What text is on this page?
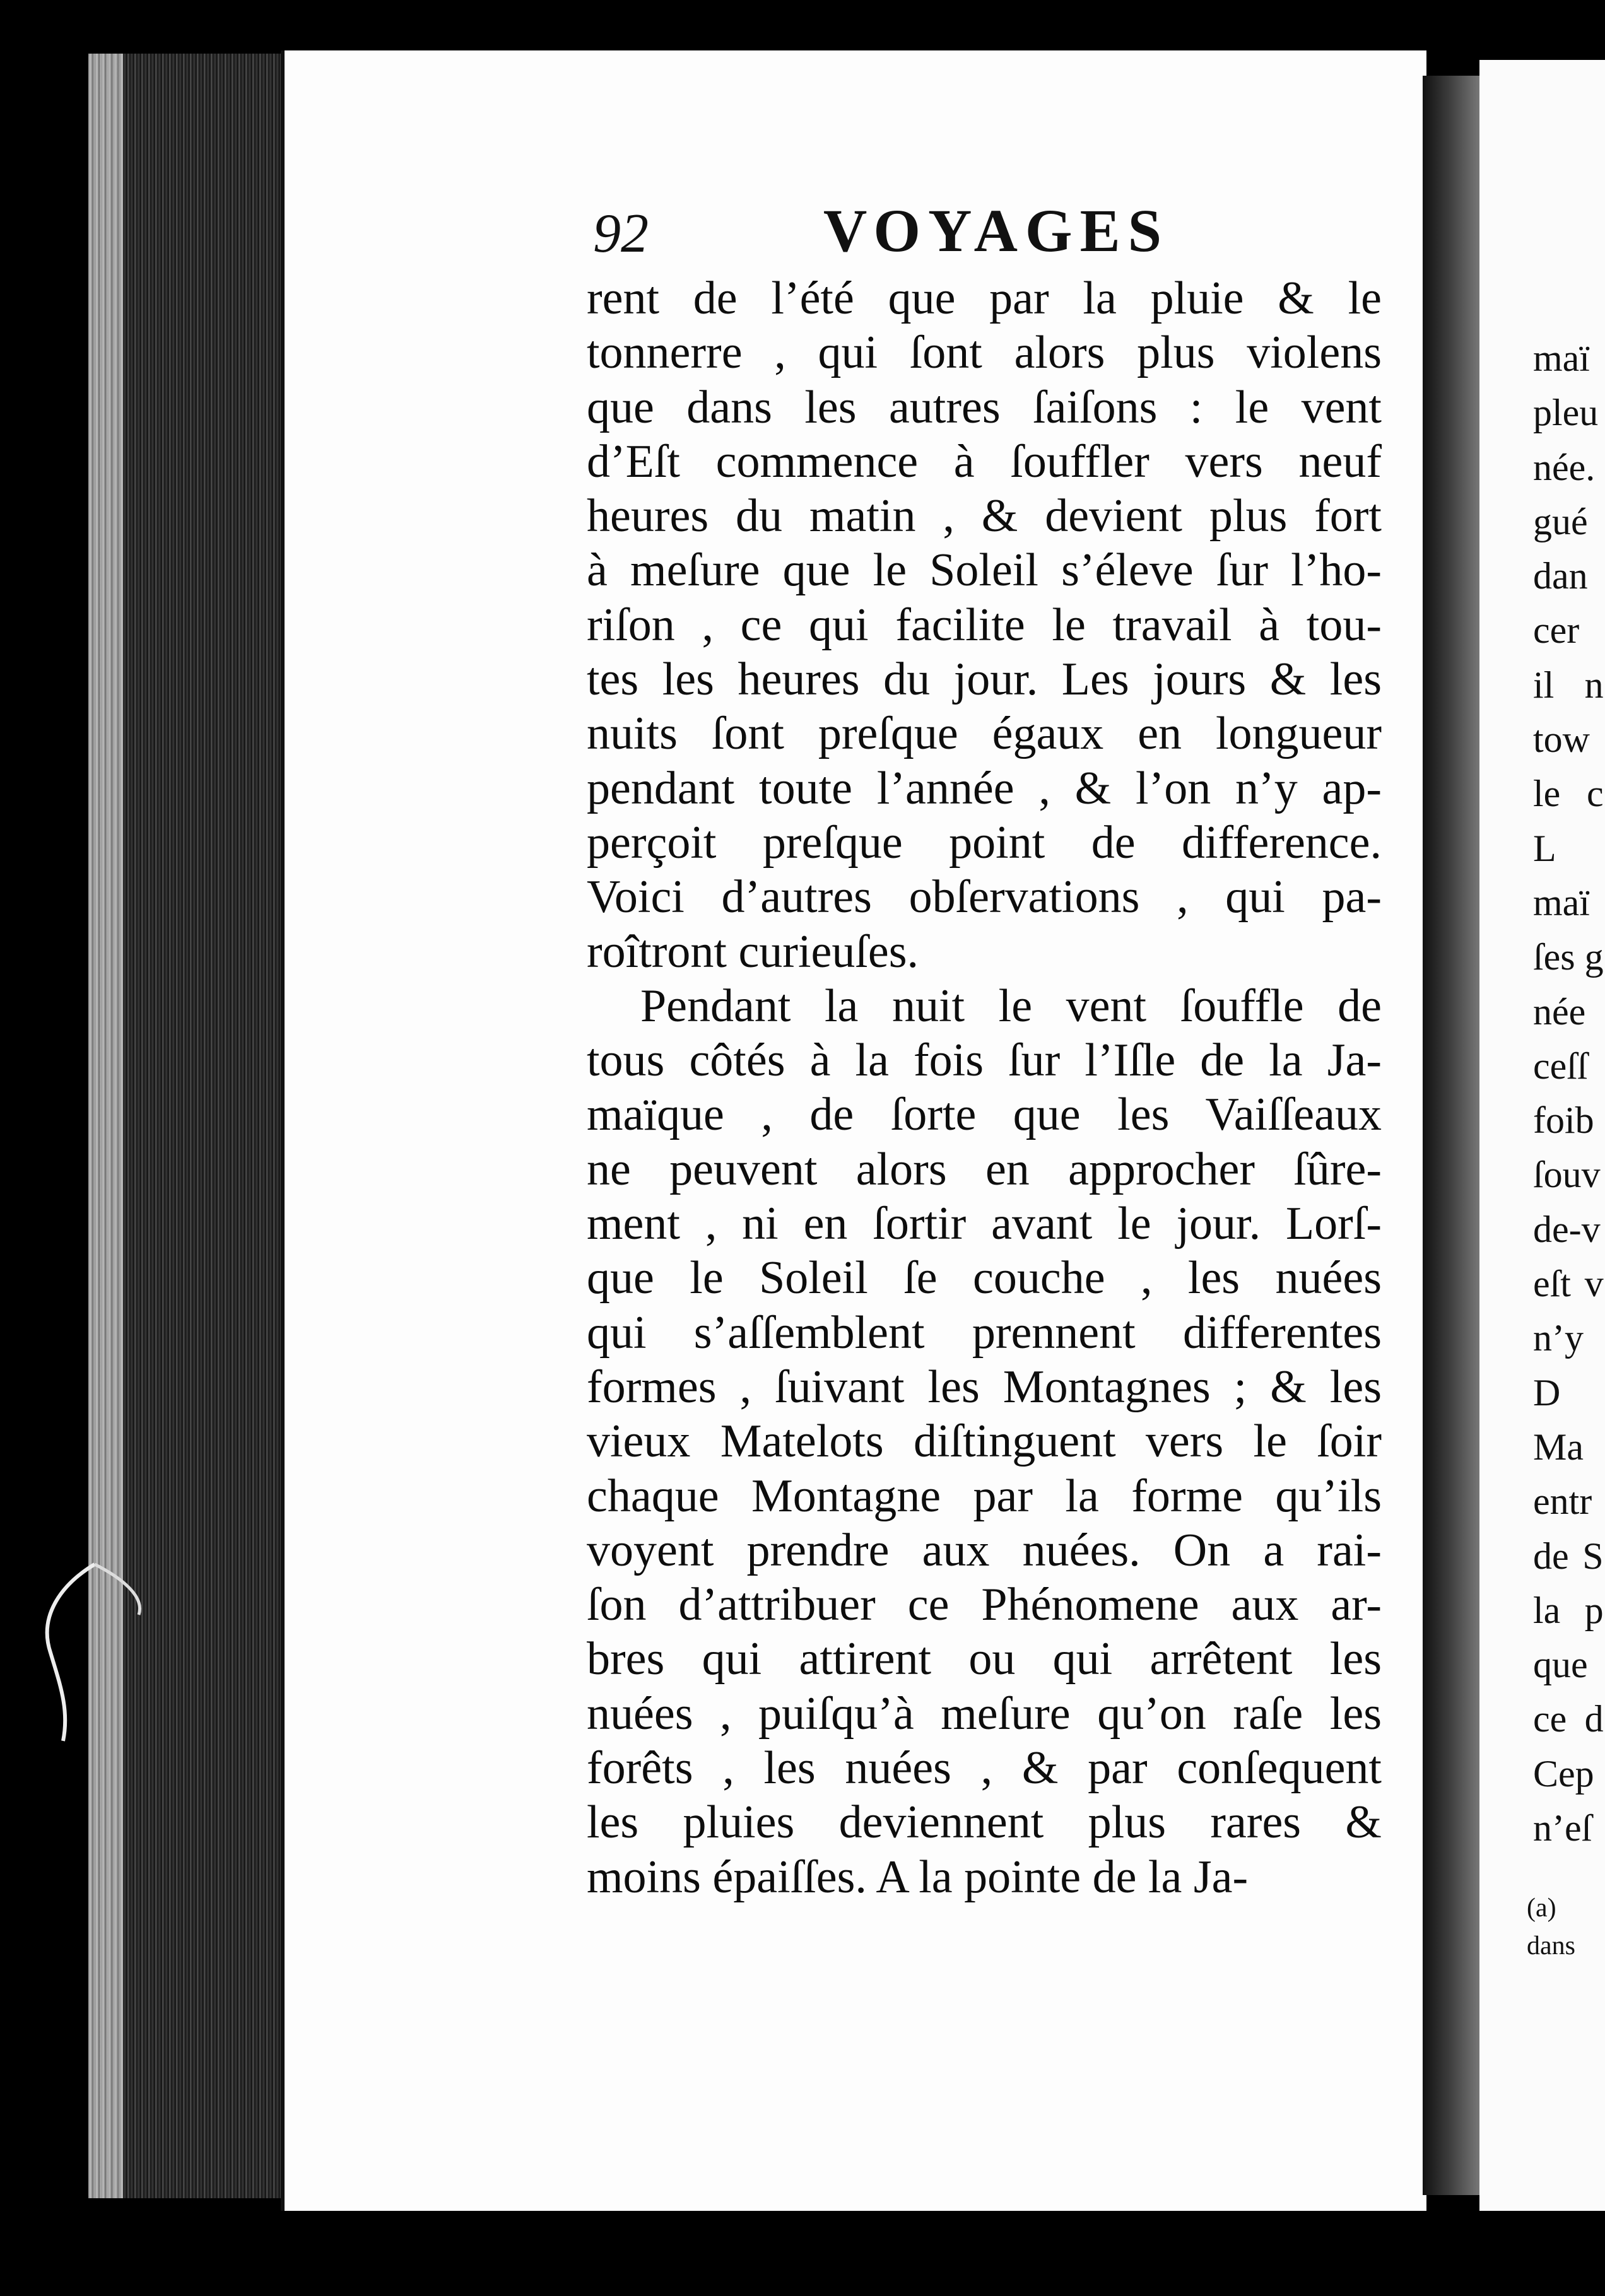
92	VOYAGES
rent de l’été que par la pluie & le
tonnerre , qui ſont alors plus violens
que dans les autres ſaiſons : le vent
d’Eſt commence à ſouffler vers neuf
heures du matin , & devient plus fort
à meſure que le Soleil s’éleve ſur l’ho-
riſon , ce qui facilite le travail à tou-
tes les heures du jour. Les jours & les
nuits ſont preſque égaux en longueur
pendant toute l’année , & l’on n’y ap-
perçoit preſque point de difference.
Voici d’autres obſervations , qui pa-
roîtront curieuſes.
Pendant la nuit le vent ſouffle de
tous côtés à la fois ſur l’Iſle de la Ja-
maïque , de ſorte que les Vaiſſeaux
ne peuvent alors en approcher ſûre-
ment , ni en ſortir avant le jour. Lorſ-
que le Soleil ſe couche , les nuées
qui s’aſſemblent prennent differentes
formes , ſuivant les Montagnes ; & les
vieux Matelots diſtinguent vers le ſoir
chaque Montagne par la forme qu’ils
voyent prendre aux nuées. On a rai-
ſon d’attribuer ce Phénomene aux ar-
bres qui attirent ou qui arrêtent les
nuées , puiſqu’à meſure qu’on raſe les
forêts , les nuées , & par conſequent
les pluies deviennent plus rares &
moins épaiſſes. A la pointe de la Ja-
maï
pleu
née.
gué
dan
cer
il n
tow
le c
L
maï
ſes g
née
ceſſ
foib
ſouv
de-v
eſt v
n’y
D
Ma
entr
de S
la p
que
ce d
Cep
n’eſ
(a)
dans
